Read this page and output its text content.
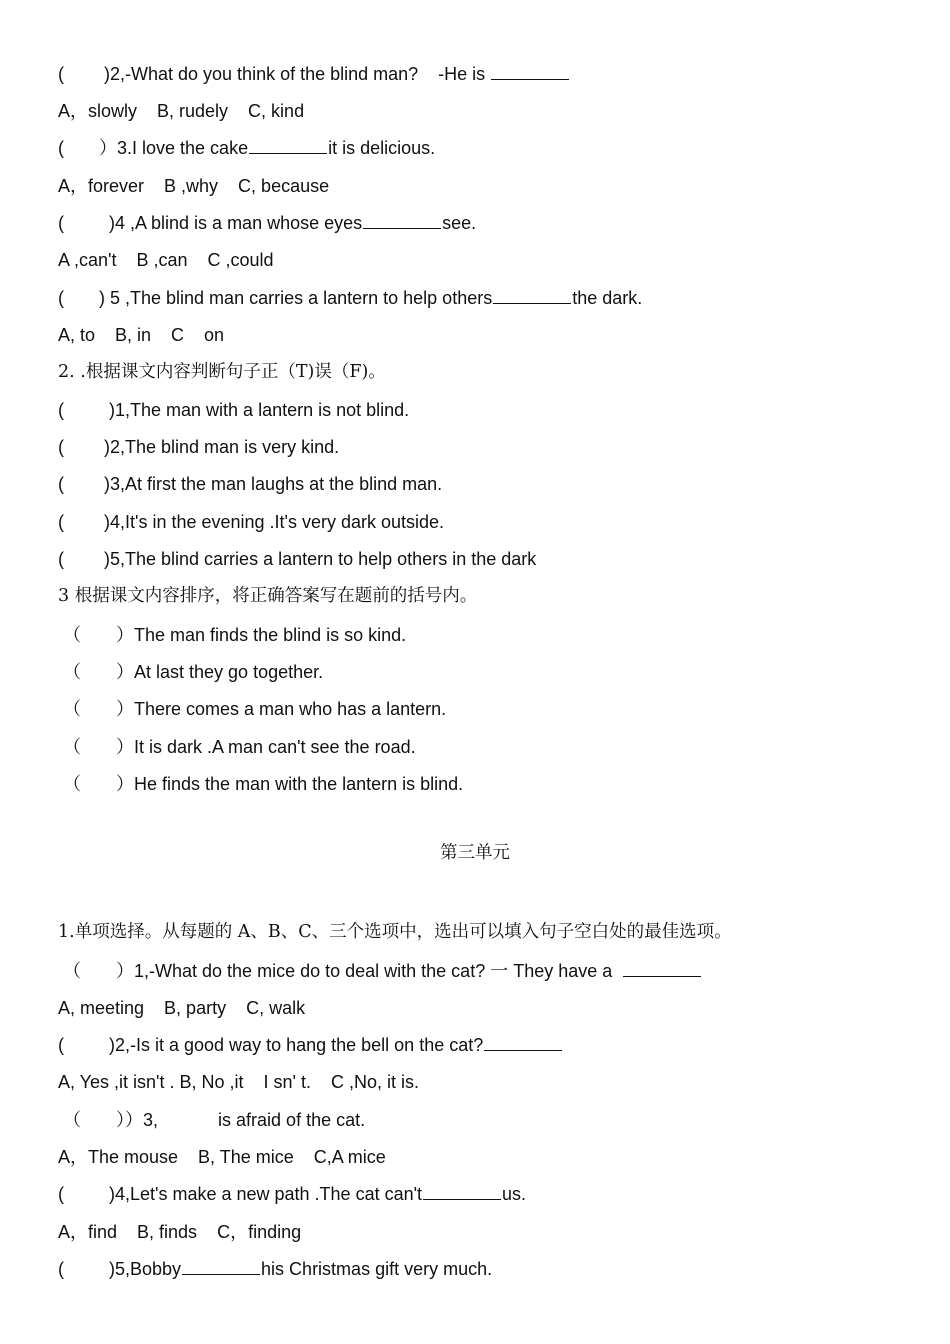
(        )2,-What do you think of the blind man?    -He is
A，slowly    B, rudely    C, kind
(       ）3.I love the cake	it is delicious.
A，forever    B ,why    C, because
(         )4 ,A blind is a man whose eyes	see.
A ,can't    B ,can    C ,could
(       ) 5 ,The blind man carries a lantern to help others	the dark.
A, to    B, in    C    on
2. .根据课文内容判断句子正（T)误（F)。
(         )1,The man with a lantern is not blind.
(        )2,The blind man is very kind.
(        )3,At first the man laughs at the blind man.
(        )4,It's in the evening .It's very dark outside.
(        )5,The blind carries a lantern to help others in the dark
3 根据课文内容排序，将正确答案写在题前的括号内。
（       ）The man finds the blind is so kind.
（       ）At last they go together.
（       ）There comes a man who has a lantern.
（       ）It is dark .A man can't see the road.
（       ）He finds the man with the lantern is blind.
第三单元
1.单项选择。从每题的 A、B、C、三个选项中，选出可以填入句子空白处的最佳选项。
（       ）1,-What do the mice do to deal with the cat? 一 They have a
A, meeting    B, party    C, walk
(         )2,-Is it a good way to hang the bell on the cat?
A, Yes ,it isn't . B, No ,it    I sn' t.    C ,No, it is.
（       ））3,            is afraid of the cat.
A，The mouse    B, The mice    C,A mice
(         )4,Let's make a new path .The cat can't	us.
A，find    B, finds    C，finding
(         )5,Bobby	his Christmas gift very much.
